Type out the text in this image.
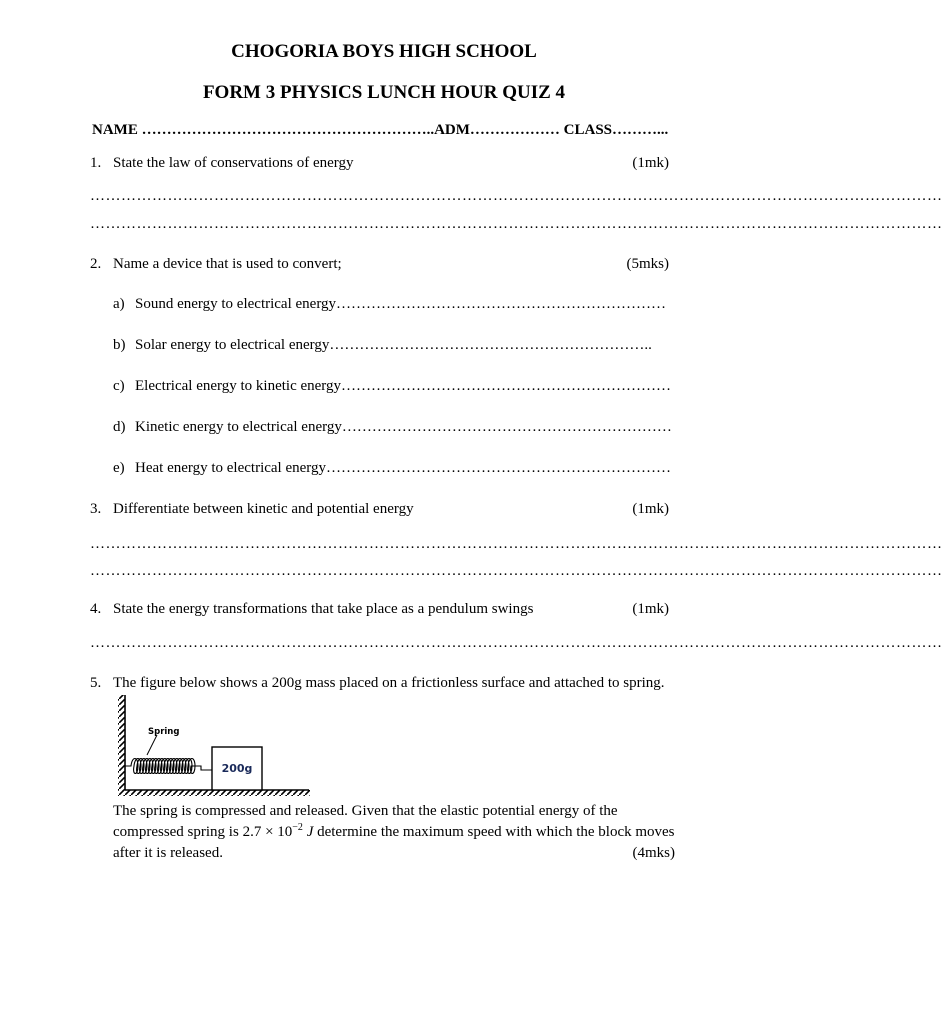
CHOGORIA BOYS HIGH SCHOOL
FORM 3 PHYSICS LUNCH HOUR QUIZ 4
NAME …………………………………………………..ADM……………… CLASS………...
1. State the law of conservations of energy	(1mk)
…………………………………………………………………………………………………………………………………………………
…………………………………………………………………………………………………………………………………………………
2. Name a device that is used to convert;	(5mks)
a) Sound energy to electrical energy…………………………………………………………
b) Solar energy to electrical energy………………………………………………………..
c) Electrical energy to kinetic energy…………………………………………………………
d) Kinetic energy to electrical energy…………………………………………………………
e) Heat energy to electrical energy……………………………………………………………
3. Differentiate between kinetic and potential energy	(1mk)
…………………………………………………………………………………………………………………………………………………
…………………………………………………………………………………………………………………………………………………
4. State the energy transformations that take place as a pendulum swings	(1mk)
…………………………………………………………………………………………………………………………………………………
5. The figure below shows a 200g mass placed on a frictionless surface and attached to spring.
Spring
200g
The spring is compressed and released. Given that the elastic potential energy of the
compressed spring is $2.7 \times 10^{-2}$ J determine the maximum speed with which the block moves
after it is released.	(4mks)
